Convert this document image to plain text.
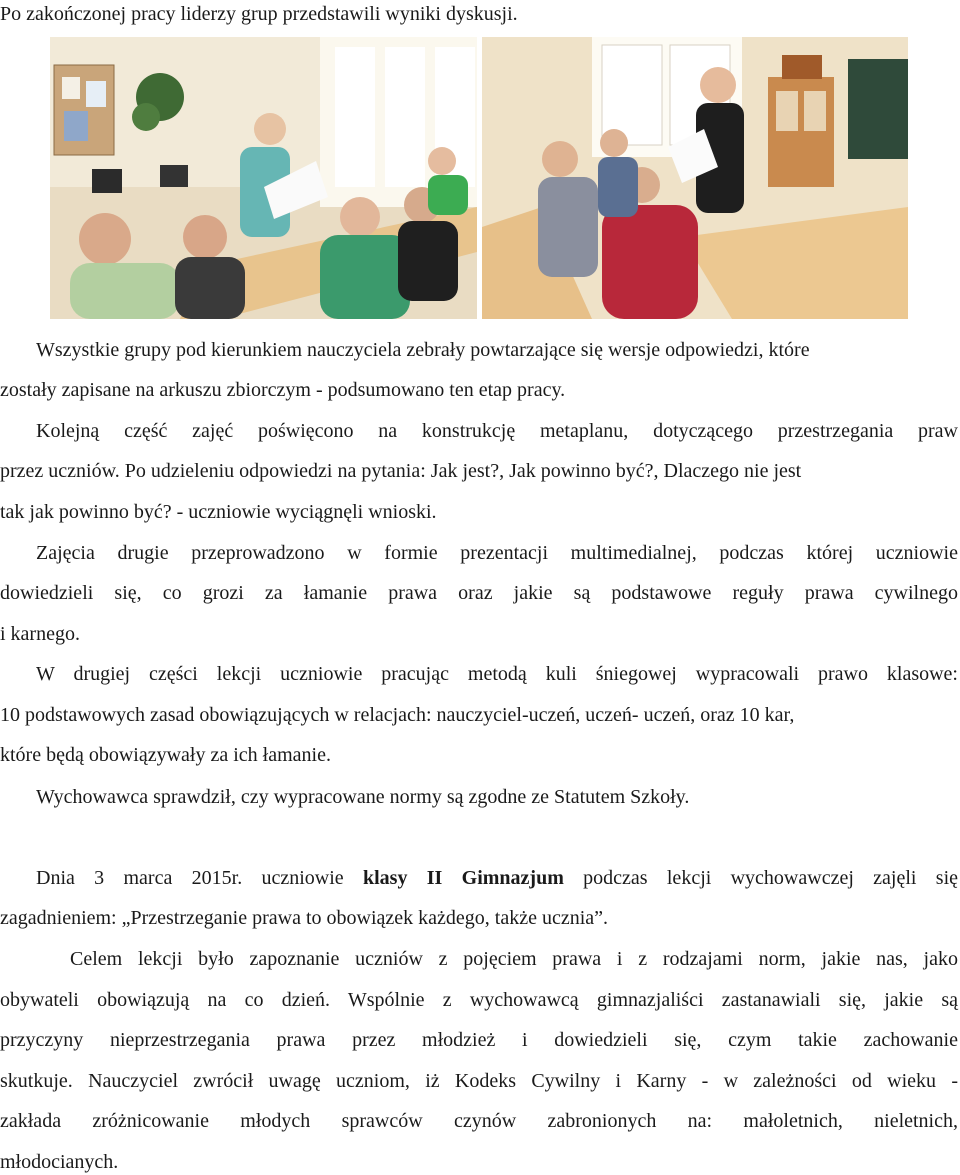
Po zakończonej pracy liderzy grup przedstawili wyniki dyskusji.
Wszystkie grupy pod kierunkiem nauczyciela zebrały powtarzające się wersje odpowiedzi, które
zostały zapisane na arkuszu zbiorczym - podsumowano ten etap pracy.
Kolejną część zajęć poświęcono na konstrukcję metaplanu, dotyczącego przestrzegania praw
przez uczniów. Po udzieleniu odpowiedzi na pytania: Jak jest?, Jak powinno być?, Dlaczego nie jest
tak jak powinno być? - uczniowie wyciągnęli wnioski.
Zajęcia drugie przeprowadzono w formie prezentacji multimedialnej, podczas której uczniowie
dowiedzieli się, co grozi za łamanie prawa oraz jakie są podstawowe reguły prawa cywilnego
i karnego.
W drugiej części lekcji uczniowie pracując metodą kuli śniegowej wypracowali prawo klasowe:
10 podstawowych zasad obowiązujących w relacjach: nauczyciel-uczeń, uczeń- uczeń, oraz 10 kar,
które będą obowiązywały za ich łamanie.
Wychowawca sprawdził, czy wypracowane normy są zgodne ze Statutem Szkoły.
Dnia 3 marca 2015r. uczniowie klasy II Gimnazjum podczas lekcji wychowawczej zajęli się
zagadnieniem: „Przestrzeganie prawa to obowiązek każdego, także ucznia”.
Celem lekcji było zapoznanie uczniów z pojęciem prawa i z rodzajami norm, jakie nas, jako
obywateli obowiązują na co dzień. Wspólnie z wychowawcą gimnazjaliści zastanawiali się, jakie są
przyczyny nieprzestrzegania prawa przez młodzież i dowiedzieli się, czym takie zachowanie
skutkuje. Nauczyciel zwrócił uwagę uczniom, iż Kodeks Cywilny i Karny - w zależności od wieku -
zakłada zróżnicowanie młodych sprawców czynów zabronionych na: małoletnich, nieletnich,
młodocianych.
